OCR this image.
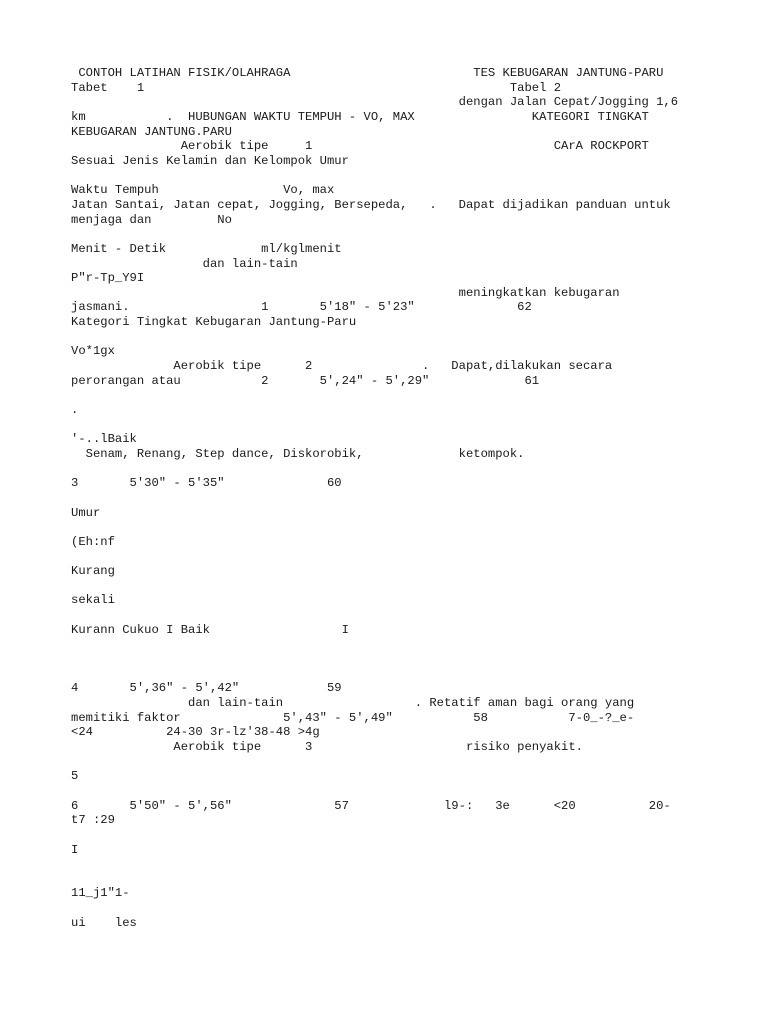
CONTOH LATIHAN FISIK/OLAHRAGA                         TES KEBUGARAN JANTUNG-PARU
Tabet    1                                                  Tabel 2
dengan Jalan Cepat/Jogging 1,6
km           .  HUBUNGAN WAKTU TEMPUH - VO, MAX                KATEGORI TINGKAT
KEBUGARAN JANTUNG.PARU
Aerobik tipe     1                                 CArA ROCKPORT
Sesuai Jenis Kelamin dan Kelompok Umur
Waktu Tempuh                 Vo, max
Jatan Santai, Jatan cepat, Jogging, Bersepeda,   .   Dapat dijadikan panduan untuk
menjaga dan         No
Menit - Detik             ml/kglmenit
dan lain-tain
P"r-Tp_Y9I
meningkatkan kebugaran
jasmani.                  1       5'18" - 5'23"              62
Kategori Tingkat Kebugaran Jantung-Paru
Vo*1gx
Aerobik tipe      2               .   Dapat,dilakukan secara
perorangan atau           2       5',24" - 5',29"             61
.
'-..lBaik
Senam, Renang, Step dance, Diskorobik,             ketompok.
3       5'30" - 5'35"              60
Umur
(Eh:nf
Kurang
sekali
Kurann Cukuo I Baik                  I
4       5',36" - 5',42"            59
dan lain-tain                  . Retatif aman bagi orang yang
memitiki faktor              5',43" - 5',49"           58           7-0_-?_e-
<24          24-30 3r-lz'38-48 >4g
Aerobik tipe      3                     risiko penyakit.
5
6       5'50" - 5',56"              57             l9-:   3e      <20          20-
t7 :29
I
11_j1"1-
ui    les
